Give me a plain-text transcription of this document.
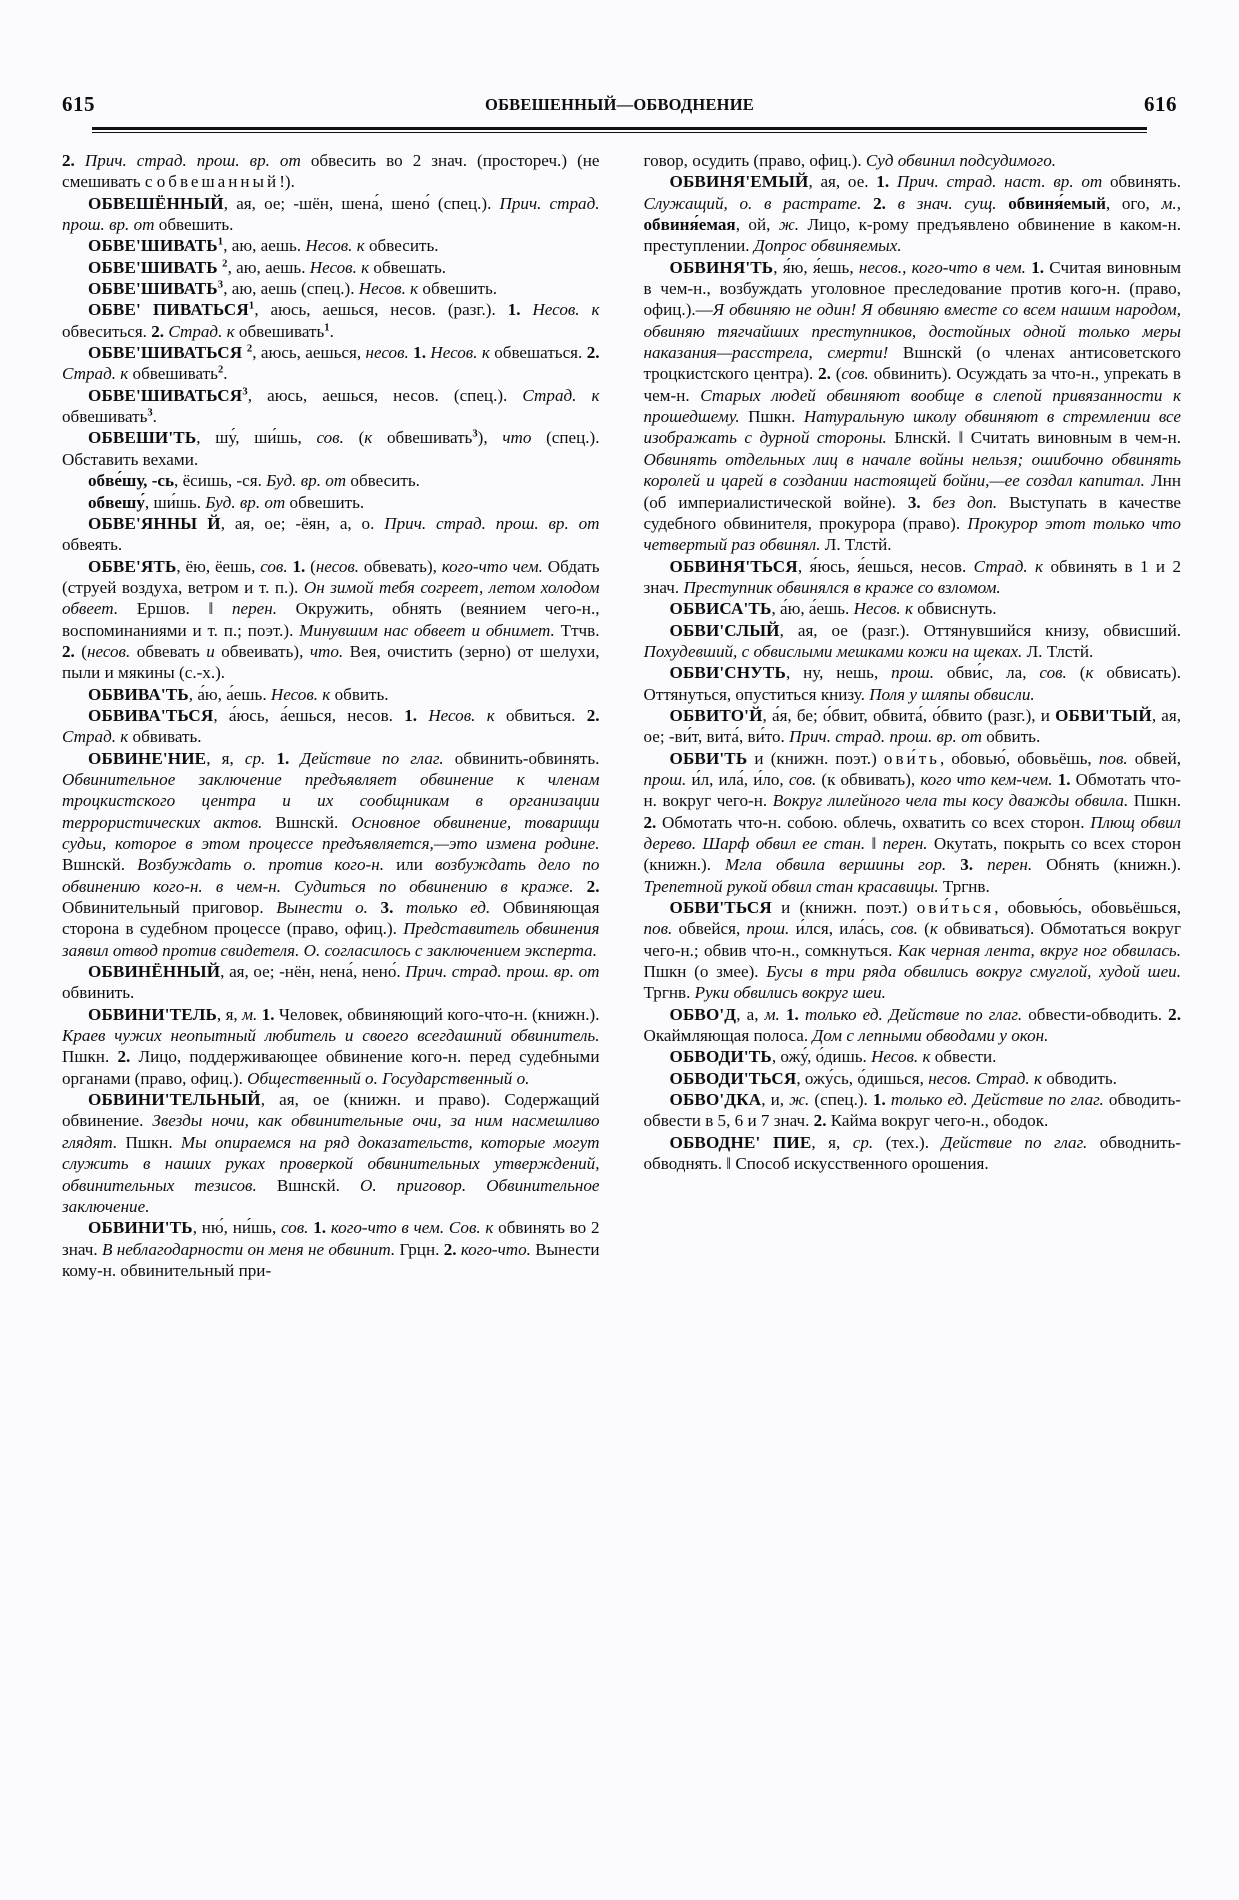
615	ОБВЕШЕННЫЙ—ОБВОДНЕНИЕ	616

2. Прич. страд. прош. вр. от обвесить во 2 знач. (простореч.) (не смешивать с обвешанный!).

ОБВЕШЁННЫЙ, ая, ое; -шён, шена́, шено́ (спец.). Прич. страд. прош. вр. от обвешить.

ОБВЕ'ШИВАТЬ$^1$, аю, аешь. Несов. к обвесить.

ОБВЕ'ШИВАТЬ $^2$, аю, аешь. Несов. к обвешать.

ОБВЕ'ШИВАТЬ$^3$, аю, аешь (спец.). Несов. к обвешить.

ОБВЕ' ПИВАТЬСЯ$^1$, аюсь, аешься, несов. (разг.). 1. Несов. к обвеситься. 2. Страд. к обвешивать$^1$.

ОБВЕ'ШИВАТЬСЯ $^2$, аюсь, аешься, несов. 1. Несов. к обвешаться. 2. Страд. к обвешивать$^2$.

ОБВЕ'ШИВАТЬСЯ$^3$, аюсь, аешься, несов. (спец.). Страд. к обвешивать$^3$.

ОБВЕШИ'ТЬ, шу́, ши́шь, сов. (к обвешивать$^3$), что (спец.). Обставить вехами.

обве́шу, -сь, ёсишь, -ся. Буд. вр. от обвесить.

обвешу́, ши́шь. Буд. вр. от обвешить.

ОБВЕ'ЯННЫ Й, ая, ое; -ёян, а, о. Прич. страд. прош. вр. от обвеять.

ОБВЕ'ЯТЬ, ёю, ёешь, сов. 1. (несов. обвевать), кого-что чем. Обдать (струей воздуха, ветром и т. п.). Он зимой тебя согреет, летом холодом обвеет. Ершов. ‖ перен. Окружить, обнять (веянием чего-н., воспоминаниями и т. п.; поэт.). Минувшим нас обвеет и обнимет. Ттчв. 2. (несов. обвевать и обвеивать), что. Вея, очистить (зерно) от шелухи, пыли и мякины (с.-х.).

ОБВИВА'ТЬ, а́ю, а́ешь. Несов. к обвить.

ОБВИВА'ТЬСЯ, а́юсь, а́ешься, несов. 1. Несов. к обвиться. 2. Страд. к обвивать.

ОБВИНЕ'НИЕ, я, ср. 1. Действие по глаг. обвинить-обвинять. Обвинительное заключение предъявляет обвинение к членам троцкистского центра и их сообщникам в организации террористических актов. Вшнскй. Основное обвинение, товарищи судьи, которое в этом процессе предъявляется,—это измена родине. Вшнскй. Возбуждать о. против кого-н. или возбуждать дело по обвинению кого-н. в чем-н. Судиться по обвинению в краже. 2. Обвинительный приговор. Вынести о. 3. только ед. Обвиняющая сторона в судебном процессе (право, офиц.). Представитель обвинения заявил отвод против свидетеля. О. согласилось с заключением эксперта.

ОБВИНЁННЫЙ, ая, ое; -нён, нена́, нено́. Прич. страд. прош. вр. от обвинить.

ОБВИНИ'ТЕЛЬ, я, м. 1. Человек, обвиняющий кого-что-н. (книжн.). Краев чужих неопытный любитель и своего всегдашний обвинитель. Пшкн. 2. Лицо, поддерживающее обвинение кого-н. перед судебными органами (право, офиц.). Общественный о. Государственный о.

ОБВИНИ'ТЕЛЬНЫЙ, ая, ое (книжн. и право). Содержащий обвинение. Звезды ночи, как обвинительные очи, за ним насмешливо глядят. Пшкн. Мы опираемся на ряд доказательств, которые могут служить в наших руках проверкой обвинительных утверждений, обвинительных тезисов. Вшнскй. О. приговор. Обвинительное заключение.

ОБВИНИ'ТЬ, ню́, ни́шь, сов. 1. кого-что в чем. Сов. к обвинять во 2 знач. В неблагодарности он меня не обвинит. Грцн. 2. кого-что. Вынести кому-н. обвинительный при-

говор, осудить (право, офиц.). Суд обвинил подсудимого.

ОБВИНЯ'ЕМЫЙ, ая, ое. 1. Прич. страд. наст. вр. от обвинять. Служащий, о. в растрате. 2. в знач. сущ. обвиня́емый, ого, м., обвиня́емая, ой, ж. Лицо, к-рому предъявлено обвинение в каком-н. преступлении. Допрос обвиняемых.

ОБВИНЯ'ТЬ, я́ю, я́ешь, несов., кого-что в чем. 1. Считая виновным в чем-н., возбуждать уголовное преследование против кого-н. (право, офиц.).—Я обвиняю не один! Я обвиняю вместе со всем нашим народом, обвиняю тягчайших преступников, достойных одной только меры наказания—расстрела, смерти! Вшнскй (о членах антисоветского троцкистского центра). 2. (сов. обвинить). Осуждать за что-н., упрекать в чем-н. Старых людей обвиняют вообще в слепой привязанности к прошедшему. Пшкн. Натуральную школу обвиняют в стремлении все изображать с дурной стороны. Блнскй. ‖ Считать виновным в чем-н. Обвинять отдельных лиц в начале войны нельзя; ошибочно обвинять королей и царей в создании настоящей бойни,—ее создал капитал. Лнн (об империалистической войне). 3. без доп. Выступать в качестве судебного обвинителя, прокурора (право). Прокурор этот только что четвертый раз обвинял. Л. Тлстй.

ОБВИНЯ'ТЬСЯ, я́юсь, я́ешься, несов. Страд. к обвинять в 1 и 2 знач. Преступник обвинялся в краже со взломом.

ОБВИСА'ТЬ, а́ю, а́ешь. Несов. к обвиснуть.

ОБВИ'СЛЫЙ, ая, ое (разг.). Оттянувшийся книзу, обвисший. Похудевший, с обвислыми мешками кожи на щеках. Л. Тлстй.

ОБВИ'СНУТЬ, ну, нешь, прош. обви́с, ла, сов. (к обвисать). Оттянуться, опуститься книзу. Поля у шляпы обвисли.

ОБВИТО'Й, а́я, бе; о́бвит, обвита́, о́бвито (разг.), и ОБВИ'ТЫЙ, ая, ое; -ви́т, вита́, ви́то. Прич. страд. прош. вр. от обвить.

ОБВИ'ТЬ и (книжн. поэт.) ови́ть, обовью́, обовьёшь, пов. обвей, прош. и́л, ила́, и́ло, сов. (к обвивать), кого что кем-чем. 1. Обмотать что-н. вокруг чего-н. Вокруг лилейного чела ты косу дважды обвила. Пшкн. 2. Обмотать что-н. собою. облечь, охватить со всех сторон. Плющ обвил дерево. Шарф обвил ее стан. ‖ перен. Окутать, покрыть со всех сторон (книжн.). Мгла обвила вершины гор. 3. перен. Обнять (книжн.). Трепетной рукой обвил стан красавицы. Тргнв.

ОБВИ'ТЬСЯ и (книжн. поэт.) ови́ться, обовью́сь, обовьёшься, пов. обвейся, прош. и́лся, ила́сь, сов. (к обвиваться). Обмотаться вокруг чего-н.; обвив что-н., сомкнуться. Как черная лента, вкруг ног обвилась. Пшкн (о змее). Бусы в три ряда обвились вокруг смуглой, худой шеи. Тргнв. Руки обвились вокруг шеи.

ОБВО'Д, а, м. 1. только ед. Действие по глаг. обвести-обводить. 2. Окаймляющая полоса. Дом с лепными обводами у окон.

ОБВОДИ'ТЬ, ожу́, о́дишь. Несов. к обвести.

ОБВОДИ'ТЬСЯ, ожу́сь, о́дишься, несов. Страд. к обводить.

ОБВО'ДКА, и, ж. (спец.). 1. только ед. Действие по глаг. обводить-обвести в 5, 6 и 7 знач. 2. Кайма вокруг чего-н., ободок.

ОБВОДНЕ' ПИЕ, я, ср. (тех.). Действие по глаг. обводнить-обводнять. ‖ Способ искусственного орошения.
